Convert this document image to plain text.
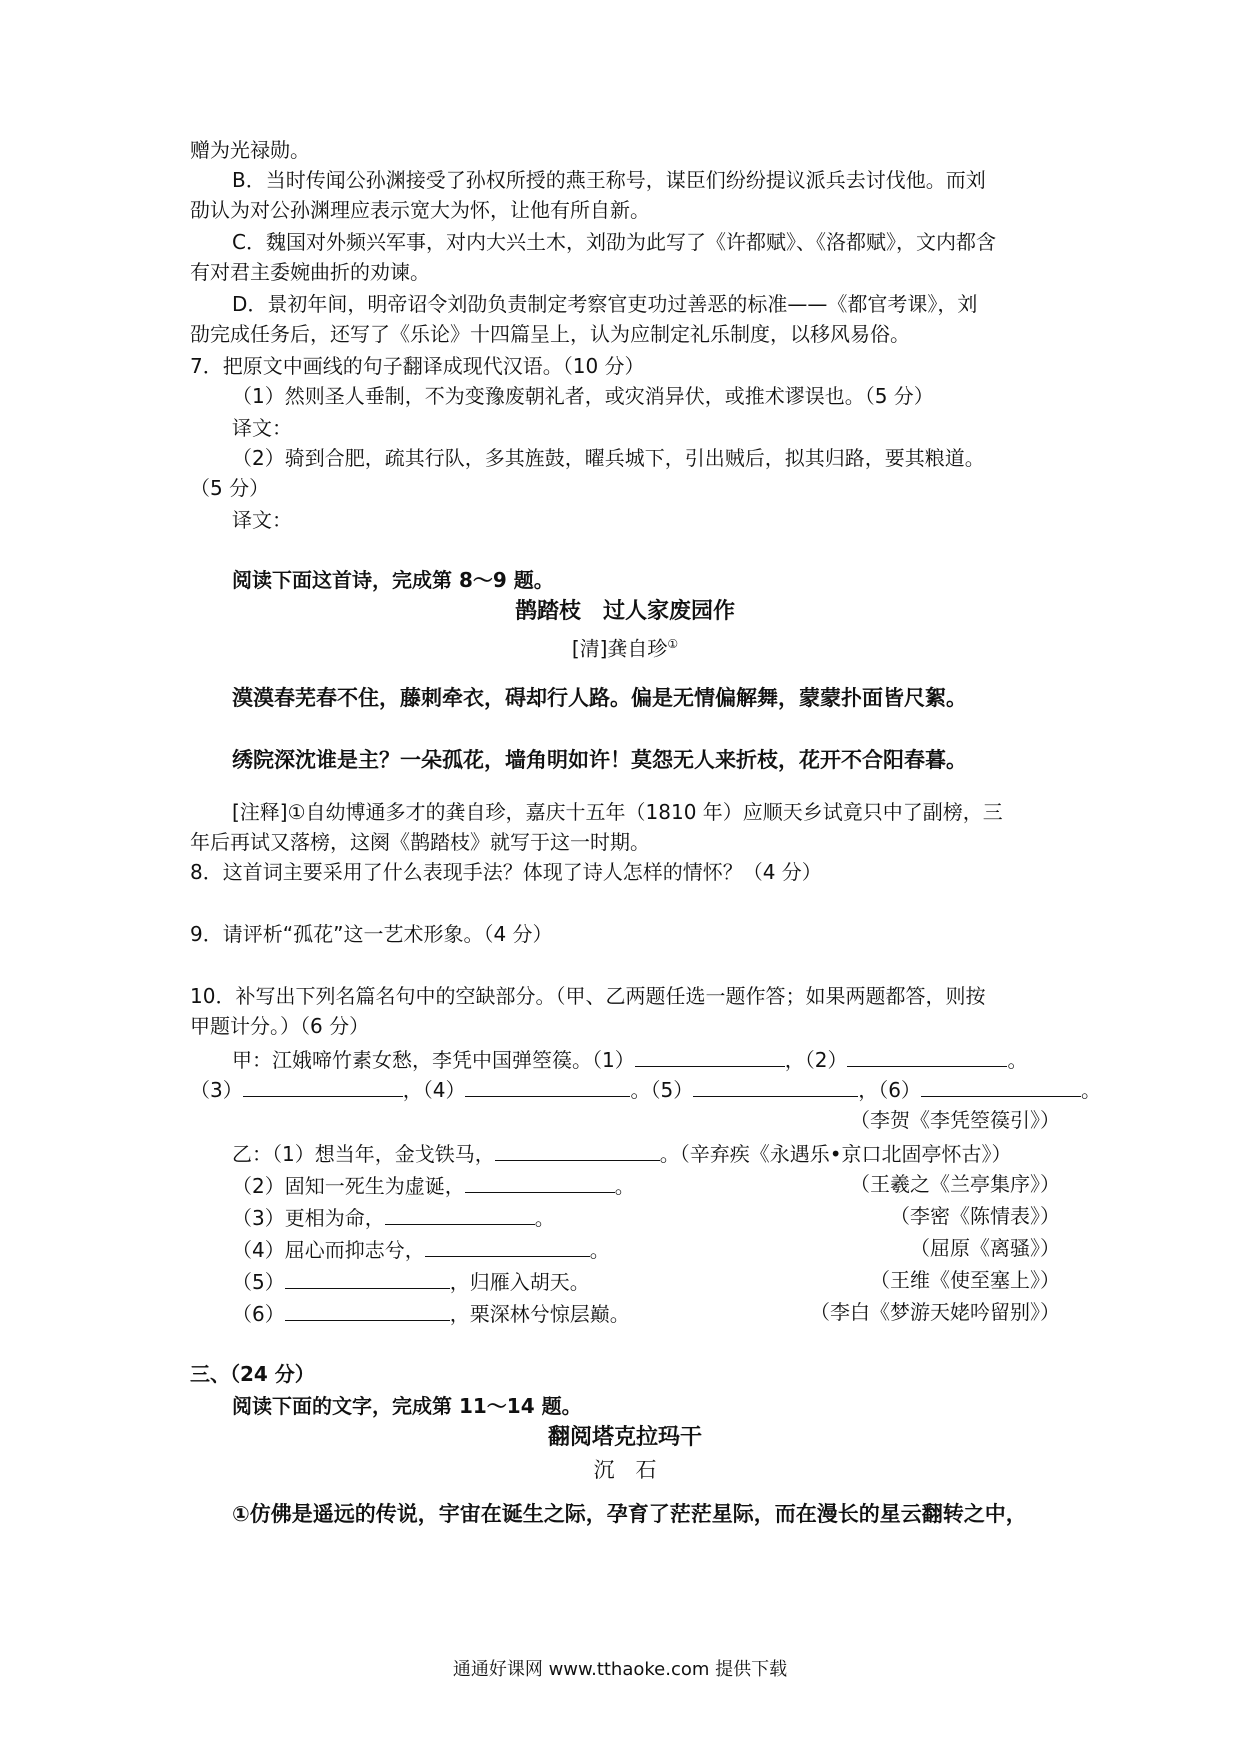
赠为光禄勋。
B．当时传闻公孙渊接受了孙权所授的燕王称号，谋臣们纷纷提议派兵去讨伐他。而刘
劭认为对公孙渊理应表示宽大为怀，让他有所自新。
C．魏国对外频兴军事，对内大兴土木，刘劭为此写了《许都赋》、《洛都赋》，文内都含
有对君主委婉曲折的劝谏。
D．景初年间，明帝诏令刘劭负责制定考察官吏功过善恶的标准——《都官考课》，刘
劭完成任务后，还写了《乐论》十四篇呈上，认为应制定礼乐制度，以移风易俗。
7．把原文中画线的句子翻译成现代汉语。（10 分）
（1）然则圣人垂制，不为变豫废朝礼者，或灾消异伏，或推术谬误也。（5 分）
译文：
（2）骑到合肥，疏其行队，多其旌鼓，曜兵城下，引出贼后，拟其归路，要其粮道。
（5 分）
译文：
阅读下面这首诗，完成第 8～9 题。
鹊踏枝　过人家废园作
[清]龚自珍①
漠漠春芜春不住，藤刺牵衣，碍却行人路。偏是无情偏解舞，蒙蒙扑面皆尺絮。
绣院深沈谁是主？一朵孤花，墙角明如许！莫怨无人来折枝，花开不合阳春暮。
[注释]①自幼博通多才的龚自珍，嘉庆十五年（1810 年）应顺天乡试竟只中了副榜，三
年后再试又落榜，这阕《鹊踏枝》就写于这一时期。
8．这首词主要采用了什么表现手法？体现了诗人怎样的情怀？（4 分）
9．请评析“孤花”这一艺术形象。（4 分）
10．补写出下列名篇名句中的空缺部分。（甲、乙两题任选一题作答；如果两题都答，则按
甲题计分。）（6 分）
甲：江娥啼竹素女愁，李凭中国弹箜篌。（1）	，（2）	。
（3）	，（4）	。（5）	，（6）	。
（李贺《李凭箜篌引》）
乙：（1）想当年，金戈铁马，	。（辛弃疾《永遇乐•京口北固亭怀古》）
（2）固知一死生为虚诞，	。	（王羲之《兰亭集序》）
（3）更相为命，	。	（李密《陈情表》）
（4）屈心而抑志兮，	。	（屈原《离骚》）
（5）	，归雁入胡天。	（王维《使至塞上》）
（6）	，栗深林兮惊层巅。	（李白《梦游天姥吟留别》）
三、（24 分）
阅读下面的文字，完成第 11～14 题。
翻阅塔克拉玛干
沉　石
①仿佛是遥远的传说，宇宙在诞生之际，孕育了茫茫星际，而在漫长的星云翻转之中，
通通好课网 www.tthaoke.com 提供下载
